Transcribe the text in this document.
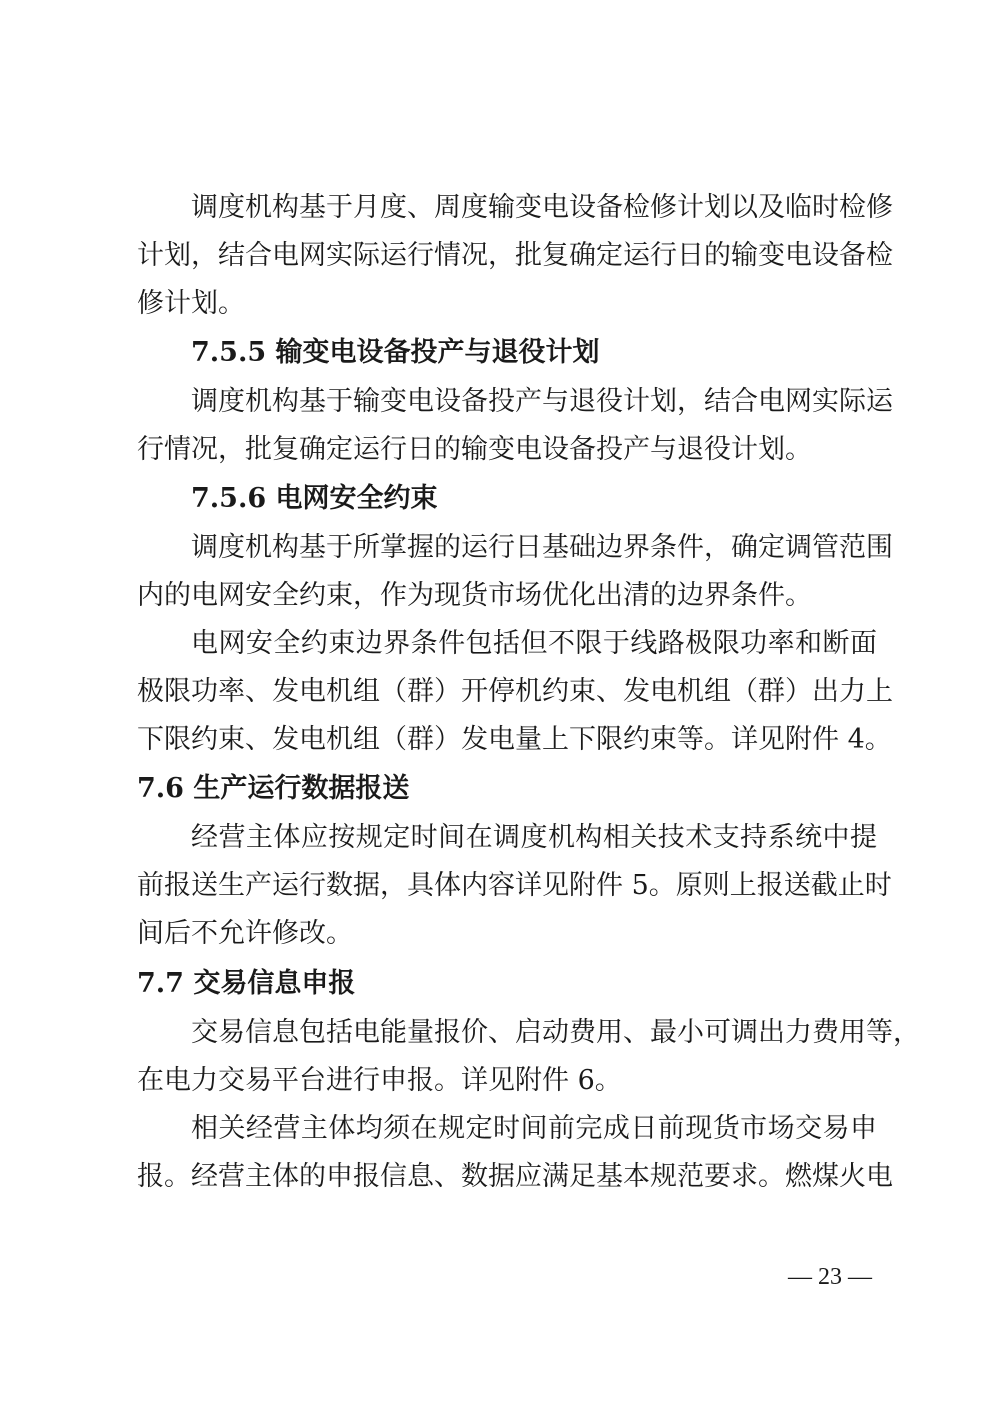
调度机构基于月度、周度输变电设备检修计划以及临时检修
计划，结合电网实际运行情况，批复确定运行日的输变电设备检
修计划。
7.5.5 输变电设备投产与退役计划
调度机构基于输变电设备投产与退役计划，结合电网实际运
行情况，批复确定运行日的输变电设备投产与退役计划。
7.5.6 电网安全约束
调度机构基于所掌握的运行日基础边界条件，确定调管范围
内的电网安全约束，作为现货市场优化出清的边界条件。
电网安全约束边界条件包括但不限于线路极限功率和断面
极限功率、发电机组（群）开停机约束、发电机组（群）出力上
下限约束、发电机组（群）发电量上下限约束等。详见附件 4。
7.6 生产运行数据报送
经营主体应按规定时间在调度机构相关技术支持系统中提
前报送生产运行数据，具体内容详见附件 5。原则上报送截止时
间后不允许修改。
7.7 交易信息申报
交易信息包括电能量报价、启动费用、最小可调出力费用等，
在电力交易平台进行申报。详见附件 6。
相关经营主体均须在规定时间前完成日前现货市场交易申
报。经营主体的申报信息、数据应满足基本规范要求。燃煤火电
— 23 —
